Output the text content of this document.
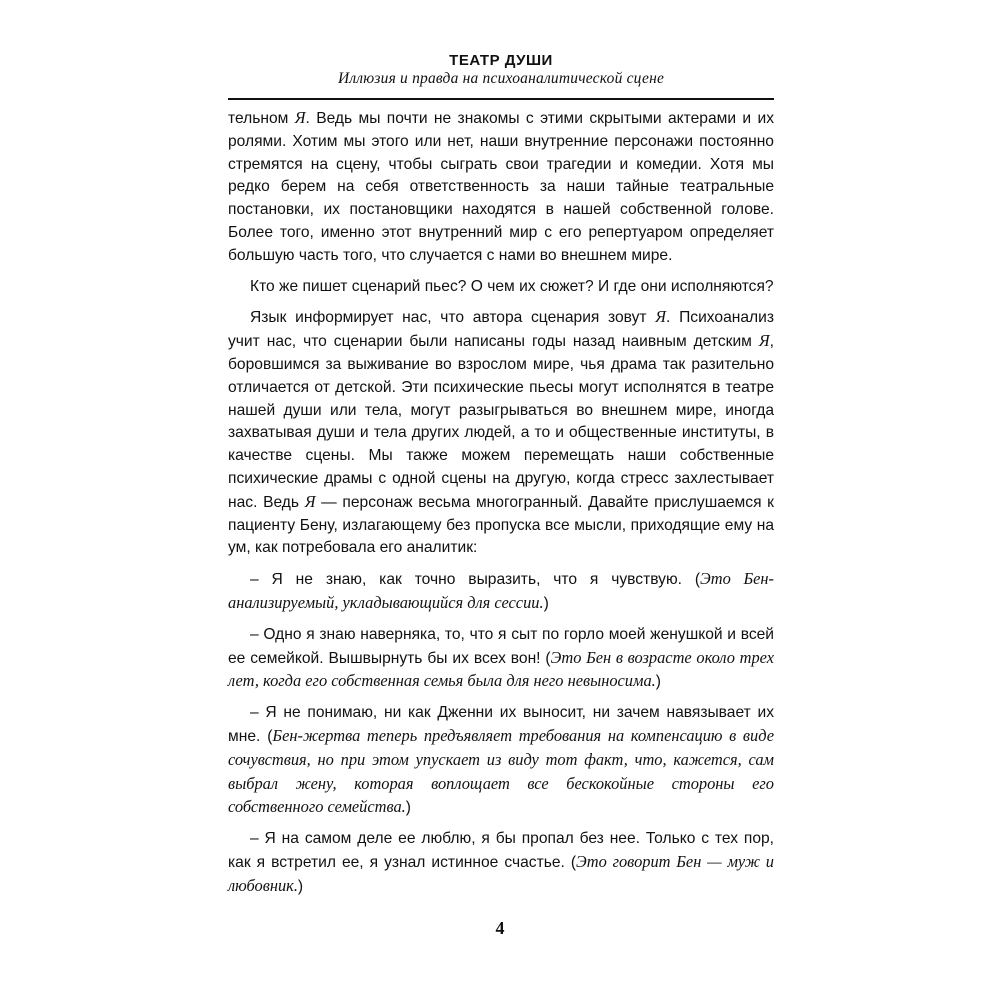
ТЕАТР ДУШИ
Иллюзия и правда на психоаналитической сцене

тельном Я. Ведь мы почти не знакомы с этими скрытыми актерами и их ролями. Хотим мы этого или нет, наши внутренние персонажи постоянно стремятся на сцену, чтобы сыграть свои трагедии и комедии. Хотя мы редко берем на себя ответственность за наши тайные театральные постановки, их постановщики находятся в нашей собственной голове. Более того, именно этот внутренний мир с его репертуаром определяет большую часть того, что случается с нами во внешнем мире.

Кто же пишет сценарий пьес? О чем их сюжет? И где они исполняются?

Язык информирует нас, что автора сценария зовут Я. Психоанализ учит нас, что сценарии были написаны годы назад наивным детским Я, боровшимся за выживание во взрослом мире, чья драма так разительно отличается от детской. Эти психические пьесы могут исполнятся в театре нашей души или тела, могут разыгрываться во внешнем мире, иногда захватывая души и тела других людей, а то и общественные институты, в качестве сцены. Мы также можем перемещать наши собственные психические драмы с одной сцены на другую, когда стресс захлестывает нас. Ведь Я — персонаж весьма многогранный. Давайте прислушаемся к пациенту Бену, излагающему без пропуска все мысли, приходящие ему на ум, как потребовала его аналитик:

– Я не знаю, как точно выразить, что я чувствую. (Это Бен-анализируемый, укладывающийся для сессии.)

– Одно я знаю наверняка, то, что я сыт по горло моей женушкой и всей ее семейкой. Вышвырнуть бы их всех вон! (Это Бен в возрасте около трех лет, когда его собственная семья была для него невыносима.)

– Я не понимаю, ни как Дженни их выносит, ни зачем навязывает их мне. (Бен-жертва теперь предъявляет требования на компенсацию в виде сочувствия, но при этом упускает из виду тот факт, что, кажется, сам выбрал жену, которая воплощает все бескокойные стороны его собственного семейства.)

– Я на самом деле ее люблю, я бы пропал без нее. Только с тех пор, как я встретил ее, я узнал истинное счастье. (Это говорит Бен — муж и любовник.)

4
